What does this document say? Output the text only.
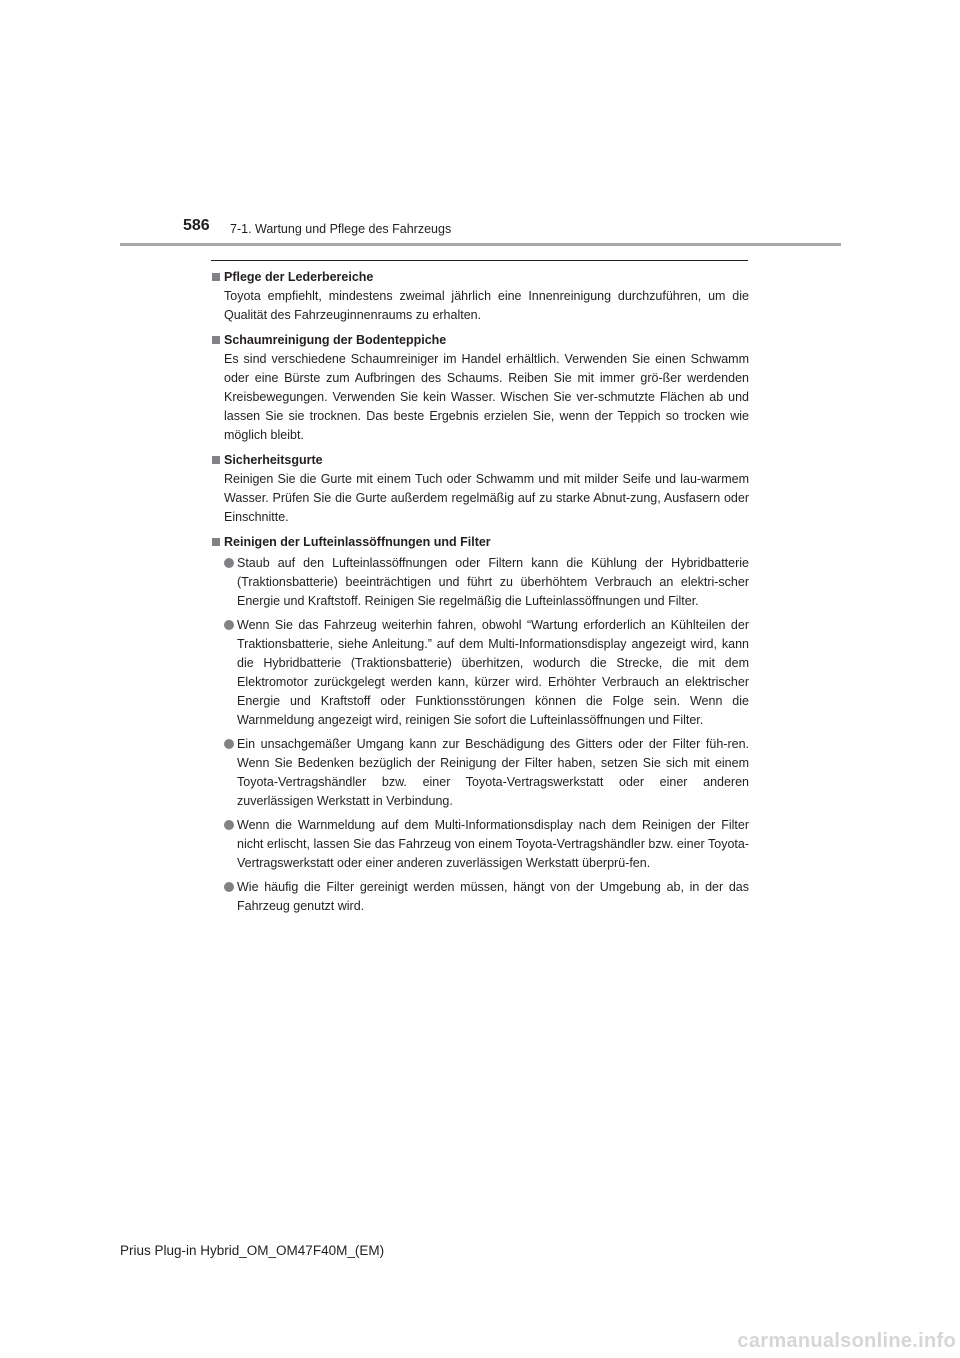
586 7-1. Wartung und Pflege des Fahrzeugs
Pflege der Lederbereiche
Toyota empfiehlt, mindestens zweimal jährlich eine Innenreinigung durchzuführen, um die Qualität des Fahrzeuginnenraums zu erhalten.
Schaumreinigung der Bodenteppiche
Es sind verschiedene Schaumreiniger im Handel erhältlich. Verwenden Sie einen Schwamm oder eine Bürste zum Aufbringen des Schaums. Reiben Sie mit immer grö-ßer werdenden Kreisbewegungen. Verwenden Sie kein Wasser. Wischen Sie ver-schmutzte Flächen ab und lassen Sie sie trocknen. Das beste Ergebnis erzielen Sie, wenn der Teppich so trocken wie möglich bleibt.
Sicherheitsgurte
Reinigen Sie die Gurte mit einem Tuch oder Schwamm und mit milder Seife und lau-warmem Wasser. Prüfen Sie die Gurte außerdem regelmäßig auf zu starke Abnut-zung, Ausfasern oder Einschnitte.
Reinigen der Lufteinlassöffnungen und Filter
Staub auf den Lufteinlassöffnungen oder Filtern kann die Kühlung der Hybridbatterie (Traktionsbatterie) beeinträchtigen und führt zu überhöhtem Verbrauch an elektri-scher Energie und Kraftstoff. Reinigen Sie regelmäßig die Lufteinlassöffnungen und Filter.
Wenn Sie das Fahrzeug weiterhin fahren, obwohl “Wartung erforderlich an Kühlteilen der Traktionsbatterie, siehe Anleitung.” auf dem Multi-Informationsdisplay angezeigt wird, kann die Hybridbatterie (Traktionsbatterie) überhitzen, wodurch die Strecke, die mit dem Elektromotor zurückgelegt werden kann, kürzer wird. Erhöhter Verbrauch an elektrischer Energie und Kraftstoff oder Funktionsstörungen können die Folge sein. Wenn die Warnmeldung angezeigt wird, reinigen Sie sofort die Lufteinlassöffnungen und Filter.
Ein unsachgemäßer Umgang kann zur Beschädigung des Gitters oder der Filter füh-ren. Wenn Sie Bedenken bezüglich der Reinigung der Filter haben, setzen Sie sich mit einem Toyota-Vertragshändler bzw. einer Toyota-Vertragswerkstatt oder einer anderen zuverlässigen Werkstatt in Verbindung.
Wenn die Warnmeldung auf dem Multi-Informationsdisplay nach dem Reinigen der Filter nicht erlischt, lassen Sie das Fahrzeug von einem Toyota-Vertragshändler bzw. einer Toyota-Vertragswerkstatt oder einer anderen zuverlässigen Werkstatt überprü-fen.
Wie häufig die Filter gereinigt werden müssen, hängt von der Umgebung ab, in der das Fahrzeug genutzt wird.
Prius Plug-in Hybrid_OM_OM47F40M_(EM)
carmanualsonline.info
